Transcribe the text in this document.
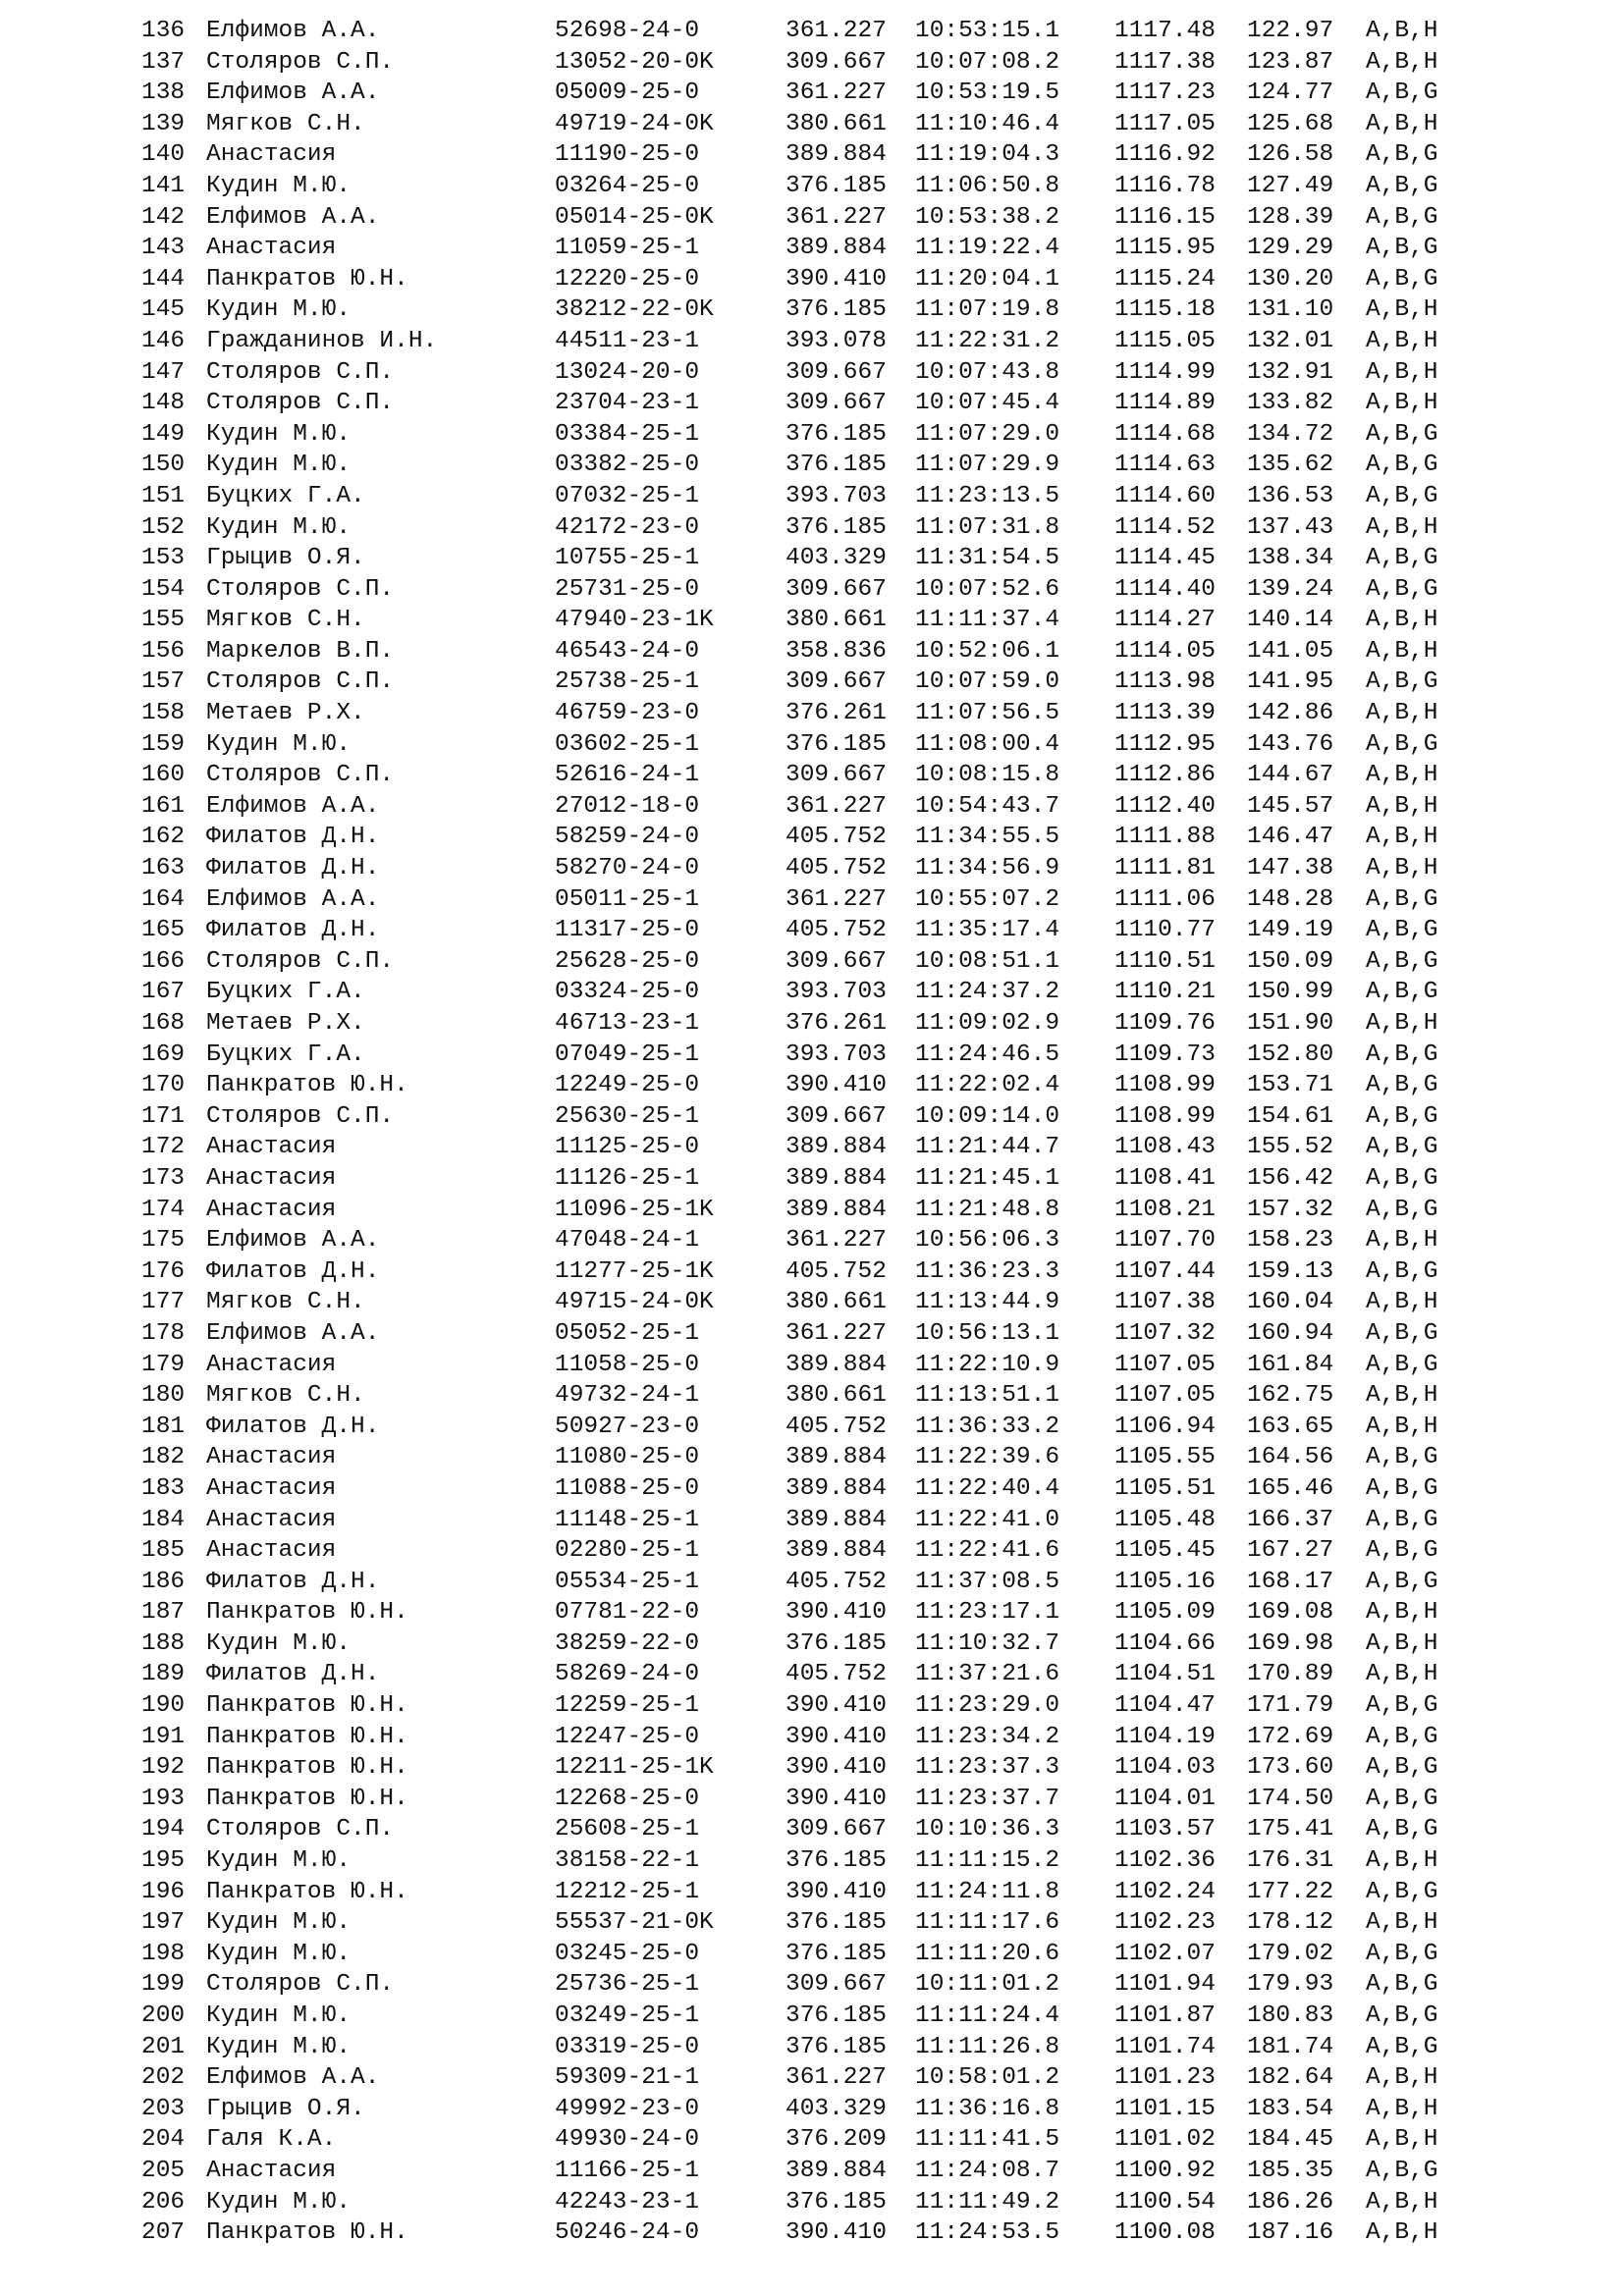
136 Елфимов А.А.	52698-24-0	361.227 10:53:15.1 1117.48 122.97 A,B,H
137 Столяров С.П.	13052-20-0K	309.667 10:07:08.2 1117.38 123.87 A,B,H
138 Елфимов А.А.	05009-25-0	361.227 10:53:19.5 1117.23 124.77 A,B,G
139 Мягков С.Н.	49719-24-0K	380.661 11:10:46.4 1117.05 125.68 A,B,H
140 Анастасия	11190-25-0	389.884 11:19:04.3 1116.92 126.58 A,B,G
141 Кудин М.Ю.	03264-25-0	376.185 11:06:50.8 1116.78 127.49 A,B,G
142 Елфимов А.А.	05014-25-0K	361.227 10:53:38.2 1116.15 128.39 A,B,G
143 Анастасия	11059-25-1	389.884 11:19:22.4 1115.95 129.29 A,B,G
144 Панкратов Ю.Н.	12220-25-0	390.410 11:20:04.1 1115.24 130.20 A,B,G
145 Кудин М.Ю.	38212-22-0K	376.185 11:07:19.8 1115.18 131.10 A,B,H
146 Гражданинов И.Н.	44511-23-1	393.078 11:22:31.2 1115.05 132.01 A,B,H
147 Столяров С.П.	13024-20-0	309.667 10:07:43.8 1114.99 132.91 A,B,H
148 Столяров С.П.	23704-23-1	309.667 10:07:45.4 1114.89 133.82 A,B,H
149 Кудин М.Ю.	03384-25-1	376.185 11:07:29.0 1114.68 134.72 A,B,G
150 Кудин М.Ю.	03382-25-0	376.185 11:07:29.9 1114.63 135.62 A,B,G
151 Буцких Г.А.	07032-25-1	393.703 11:23:13.5 1114.60 136.53 A,B,G
152 Кудин М.Ю.	42172-23-0	376.185 11:07:31.8 1114.52 137.43 A,B,H
153 Грыцив О.Я.	10755-25-1	403.329 11:31:54.5 1114.45 138.34 A,B,G
154 Столяров С.П.	25731-25-0	309.667 10:07:52.6 1114.40 139.24 A,B,G
155 Мягков С.Н.	47940-23-1K	380.661 11:11:37.4 1114.27 140.14 A,B,H
156 Маркелов В.П.	46543-24-0	358.836 10:52:06.1 1114.05 141.05 A,B,H
157 Столяров С.П.	25738-25-1	309.667 10:07:59.0 1113.98 141.95 A,B,G
158 Метаев Р.Х.	46759-23-0	376.261 11:07:56.5 1113.39 142.86 A,B,H
159 Кудин М.Ю.	03602-25-1	376.185 11:08:00.4 1112.95 143.76 A,B,G
160 Столяров С.П.	52616-24-1	309.667 10:08:15.8 1112.86 144.67 A,B,H
161 Елфимов А.А.	27012-18-0	361.227 10:54:43.7 1112.40 145.57 A,B,H
162 Филатов Д.Н.	58259-24-0	405.752 11:34:55.5 1111.88 146.47 A,B,H
163 Филатов Д.Н.	58270-24-0	405.752 11:34:56.9 1111.81 147.38 A,B,H
164 Елфимов А.А.	05011-25-1	361.227 10:55:07.2 1111.06 148.28 A,B,G
165 Филатов Д.Н.	11317-25-0	405.752 11:35:17.4 1110.77 149.19 A,B,G
166 Столяров С.П.	25628-25-0	309.667 10:08:51.1 1110.51 150.09 A,B,G
167 Буцких Г.А.	03324-25-0	393.703 11:24:37.2 1110.21 150.99 A,B,G
168 Метаев Р.Х.	46713-23-1	376.261 11:09:02.9 1109.76 151.90 A,B,H
169 Буцких Г.А.	07049-25-1	393.703 11:24:46.5 1109.73 152.80 A,B,G
170 Панкратов Ю.Н.	12249-25-0	390.410 11:22:02.4 1108.99 153.71 A,B,G
171 Столяров С.П.	25630-25-1	309.667 10:09:14.0 1108.99 154.61 A,B,G
172 Анастасия	11125-25-0	389.884 11:21:44.7 1108.43 155.52 A,B,G
173 Анастасия	11126-25-1	389.884 11:21:45.1 1108.41 156.42 A,B,G
174 Анастасия	11096-25-1K	389.884 11:21:48.8 1108.21 157.32 A,B,G
175 Елфимов А.А.	47048-24-1	361.227 10:56:06.3 1107.70 158.23 A,B,H
176 Филатов Д.Н.	11277-25-1K	405.752 11:36:23.3 1107.44 159.13 A,B,G
177 Мягков С.Н.	49715-24-0K	380.661 11:13:44.9 1107.38 160.04 A,B,H
178 Елфимов А.А.	05052-25-1	361.227 10:56:13.1 1107.32 160.94 A,B,G
179 Анастасия	11058-25-0	389.884 11:22:10.9 1107.05 161.84 A,B,G
180 Мягков С.Н.	49732-24-1	380.661 11:13:51.1 1107.05 162.75 A,B,H
181 Филатов Д.Н.	50927-23-0	405.752 11:36:33.2 1106.94 163.65 A,B,H
182 Анастасия	11080-25-0	389.884 11:22:39.6 1105.55 164.56 A,B,G
183 Анастасия	11088-25-0	389.884 11:22:40.4 1105.51 165.46 A,B,G
184 Анастасия	11148-25-1	389.884 11:22:41.0 1105.48 166.37 A,B,G
185 Анастасия	02280-25-1	389.884 11:22:41.6 1105.45 167.27 A,B,G
186 Филатов Д.Н.	05534-25-1	405.752 11:37:08.5 1105.16 168.17 A,B,G
187 Панкратов Ю.Н.	07781-22-0	390.410 11:23:17.1 1105.09 169.08 A,B,H
188 Кудин М.Ю.	38259-22-0	376.185 11:10:32.7 1104.66 169.98 A,B,H
189 Филатов Д.Н.	58269-24-0	405.752 11:37:21.6 1104.51 170.89 A,B,H
190 Панкратов Ю.Н.	12259-25-1	390.410 11:23:29.0 1104.47 171.79 A,B,G
191 Панкратов Ю.Н.	12247-25-0	390.410 11:23:34.2 1104.19 172.69 A,B,G
192 Панкратов Ю.Н.	12211-25-1K	390.410 11:23:37.3 1104.03 173.60 A,B,G
193 Панкратов Ю.Н.	12268-25-0	390.410 11:23:37.7 1104.01 174.50 A,B,G
194 Столяров С.П.	25608-25-1	309.667 10:10:36.3 1103.57 175.41 A,B,G
195 Кудин М.Ю.	38158-22-1	376.185 11:11:15.2 1102.36 176.31 A,B,H
196 Панкратов Ю.Н.	12212-25-1	390.410 11:24:11.8 1102.24 177.22 A,B,G
197 Кудин М.Ю.	55537-21-0K	376.185 11:11:17.6 1102.23 178.12 A,B,H
198 Кудин М.Ю.	03245-25-0	376.185 11:11:20.6 1102.07 179.02 A,B,G
199 Столяров С.П.	25736-25-1	309.667 10:11:01.2 1101.94 179.93 A,B,G
200 Кудин М.Ю.	03249-25-1	376.185 11:11:24.4 1101.87 180.83 A,B,G
201 Кудин М.Ю.	03319-25-0	376.185 11:11:26.8 1101.74 181.74 A,B,G
202 Елфимов А.А.	59309-21-1	361.227 10:58:01.2 1101.23 182.64 A,B,H
203 Грыцив О.Я.	49992-23-0	403.329 11:36:16.8 1101.15 183.54 A,B,H
204 Галя К.А.	49930-24-0	376.209 11:11:41.5 1101.02 184.45 A,B,H
205 Анастасия	11166-25-1	389.884 11:24:08.7 1100.92 185.35 A,B,G
206 Кудин М.Ю.	42243-23-1	376.185 11:11:49.2 1100.54 186.26 A,B,H
207 Панкратов Ю.Н.	50246-24-0	390.410 11:24:53.5 1100.08 187.16 A,B,H
